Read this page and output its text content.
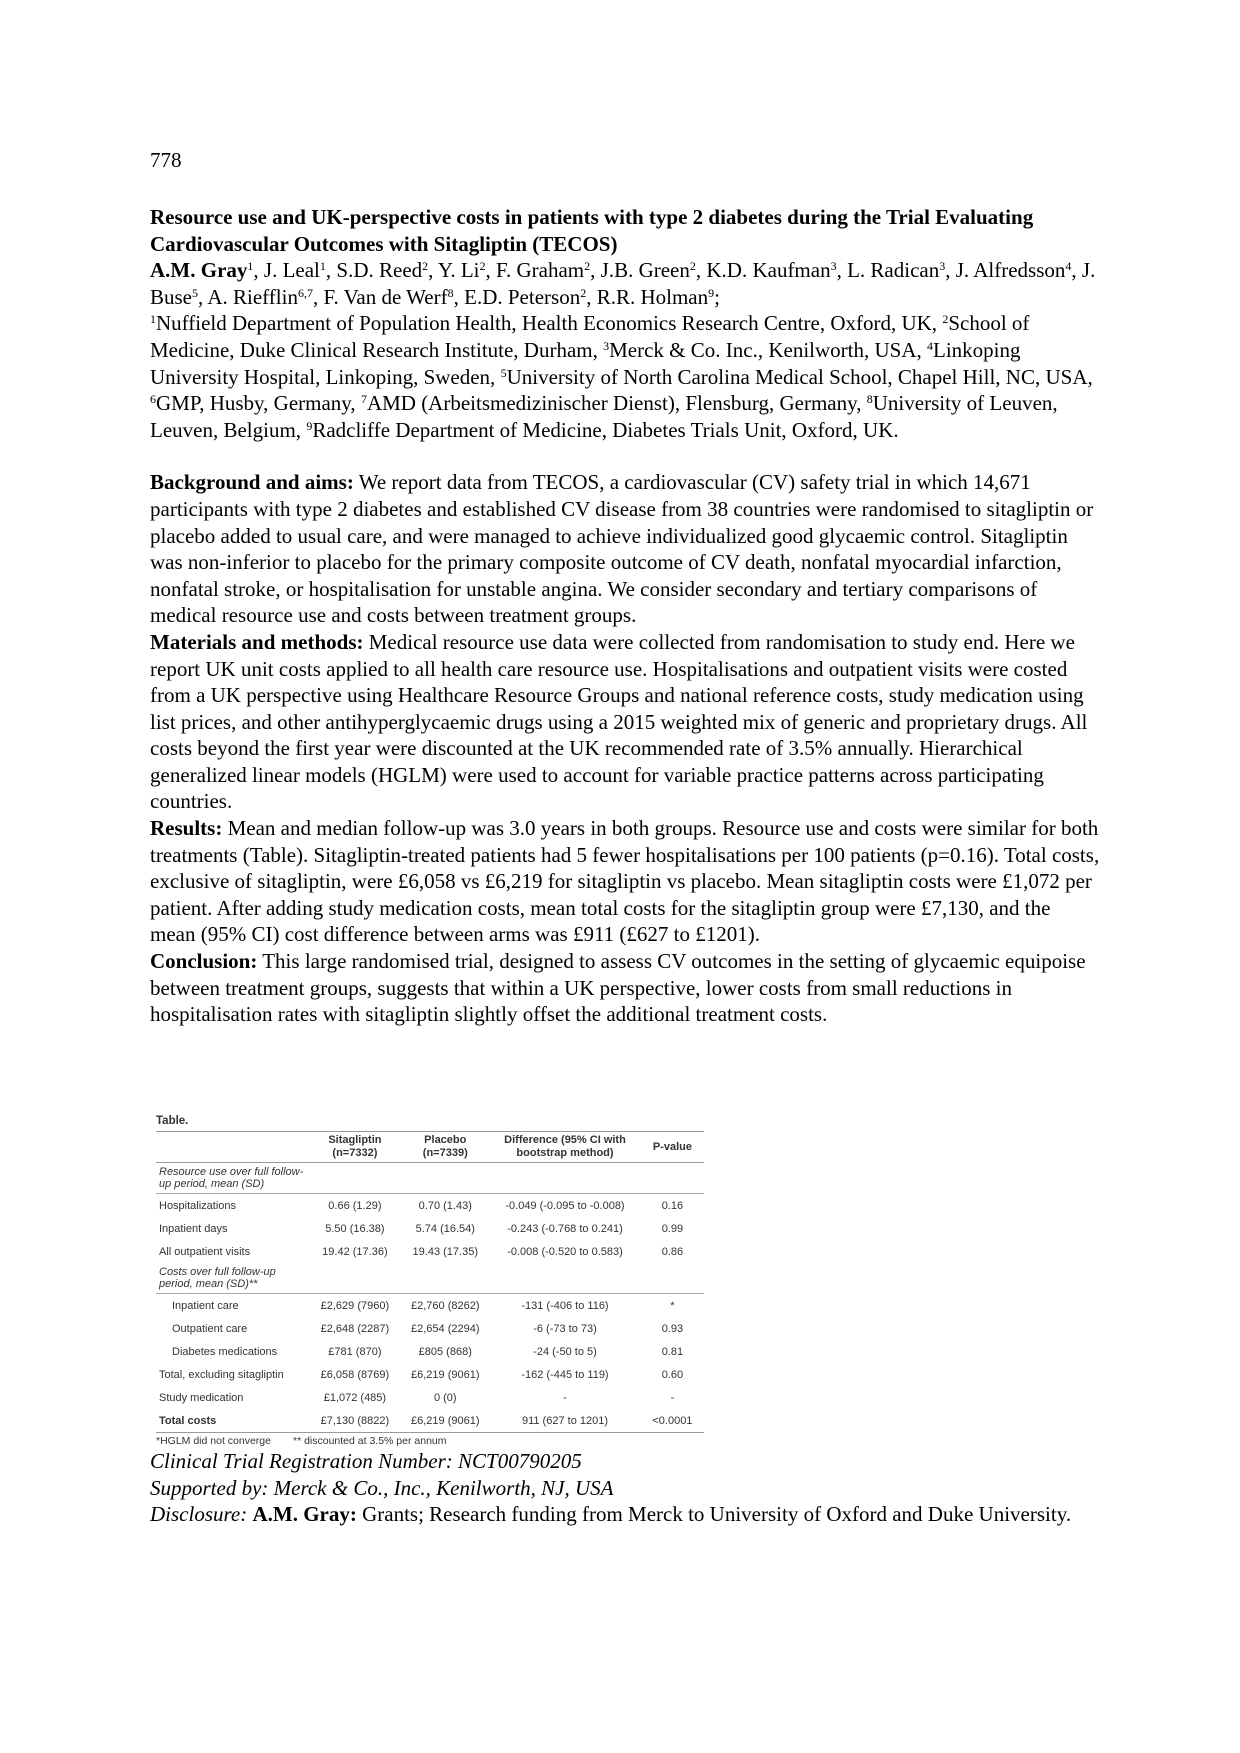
778

Resource use and UK-perspective costs in patients with type 2 diabetes during the Trial Evaluating Cardiovascular Outcomes with Sitagliptin (TECOS)

A.M. Gray$^1$, J. Leal$^1$, S.D. Reed$^2$, Y. Li$^2$, F. Graham$^2$, J.B. Green$^2$, K.D. Kaufman$^3$, L. Radican$^3$, J. Alfredsson$^4$, J. Buse$^5$, A. Riefflin$^{6,7}$, F. Van de Werf$^8$, E.D. Peterson$^2$, R.R. Holman$^9$;

$^1$Nuffield Department of Population Health, Health Economics Research Centre, Oxford, UK, $^2$School of Medicine, Duke Clinical Research Institute, Durham, $^3$Merck & Co. Inc., Kenilworth, USA, $^4$Linkoping University Hospital, Linkoping, Sweden, $^5$University of North Carolina Medical School, Chapel Hill, NC, USA, $^6$GMP, Husby, Germany, $^7$AMD (Arbeitsmedizinischer Dienst), Flensburg, Germany, $^8$University of Leuven, Leuven, Belgium, $^9$Radcliffe Department of Medicine, Diabetes Trials Unit, Oxford, UK.

Background and aims: We report data from TECOS, a cardiovascular (CV) safety trial in which 14,671 participants with type 2 diabetes and established CV disease from 38 countries were randomised to sitagliptin or placebo added to usual care, and were managed to achieve individualized good glycaemic control. Sitagliptin was non-inferior to placebo for the primary composite outcome of CV death, nonfatal myocardial infarction, nonfatal stroke, or hospitalisation for unstable angina. We consider secondary and tertiary comparisons of medical resource use and costs between treatment groups.

Materials and methods: Medical resource use data were collected from randomisation to study end. Here we report UK unit costs applied to all health care resource use. Hospitalisations and outpatient visits were costed from a UK perspective using Healthcare Resource Groups and national reference costs, study medication using list prices, and other antihyperglycaemic drugs using a 2015 weighted mix of generic and proprietary drugs. All costs beyond the first year were discounted at the UK recommended rate of 3.5% annually. Hierarchical generalized linear models (HGLM) were used to account for variable practice patterns across participating countries.

Results: Mean and median follow-up was 3.0 years in both groups. Resource use and costs were similar for both treatments (Table). Sitagliptin-treated patients had 5 fewer hospitalisations per 100 patients (p=0.16). Total costs, exclusive of sitagliptin, were £6,058 vs £6,219 for sitagliptin vs placebo. Mean sitagliptin costs were £1,072 per patient. After adding study medication costs, mean total costs for the sitagliptin group were £7,130, and the mean (95% CI) cost difference between arms was £911 (£627 to £1201).

Conclusion: This large randomised trial, designed to assess CV outcomes in the setting of glycaemic equipoise between treatment groups, suggests that within a UK perspective, lower costs from small reductions in hospitalisation rates with sitagliptin slightly offset the additional treatment costs.

Table.

	Sitagliptin (n=7332)	Placebo (n=7339)	Difference (95% CI with bootstrap method)	P-value
Resource use over full follow-up period, mean (SD)				
Hospitalizations	0.66 (1.29)	0.70 (1.43)	-0.049 (-0.095 to -0.008)	0.16
Inpatient days	5.50 (16.38)	5.74 (16.54)	-0.243 (-0.768 to 0.241)	0.99
All outpatient visits	19.42 (17.36)	19.43 (17.35)	-0.008 (-0.520 to 0.583)	0.86
Costs over full follow-up period, mean (SD)**				
Inpatient care	£2,629 (7960)	£2,760 (8262)	-131 (-406 to 116)	*
Outpatient care	£2,648 (2287)	£2,654 (2294)	-6 (-73 to 73)	0.93
Diabetes medications	£781 (870)	£805 (868)	-24 (-50 to 5)	0.81
Total, excluding sitagliptin	£6,058 (8769)	£6,219 (9061)	-162 (-445 to 119)	0.60
Study medication	£1,072 (485)	0 (0)	-	-
Total costs	£7,130 (8822)	£6,219 (9061)	911 (627 to 1201)	<0.0001
*HGLM did not converge ** discounted at 3.5% per annum
Clinical Trial Registration Number: NCT00790205
Supported by: Merck & Co., Inc., Kenilworth, NJ, USA
Disclosure: A.M. Gray: Grants; Research funding from Merck to University of Oxford and Duke University.
